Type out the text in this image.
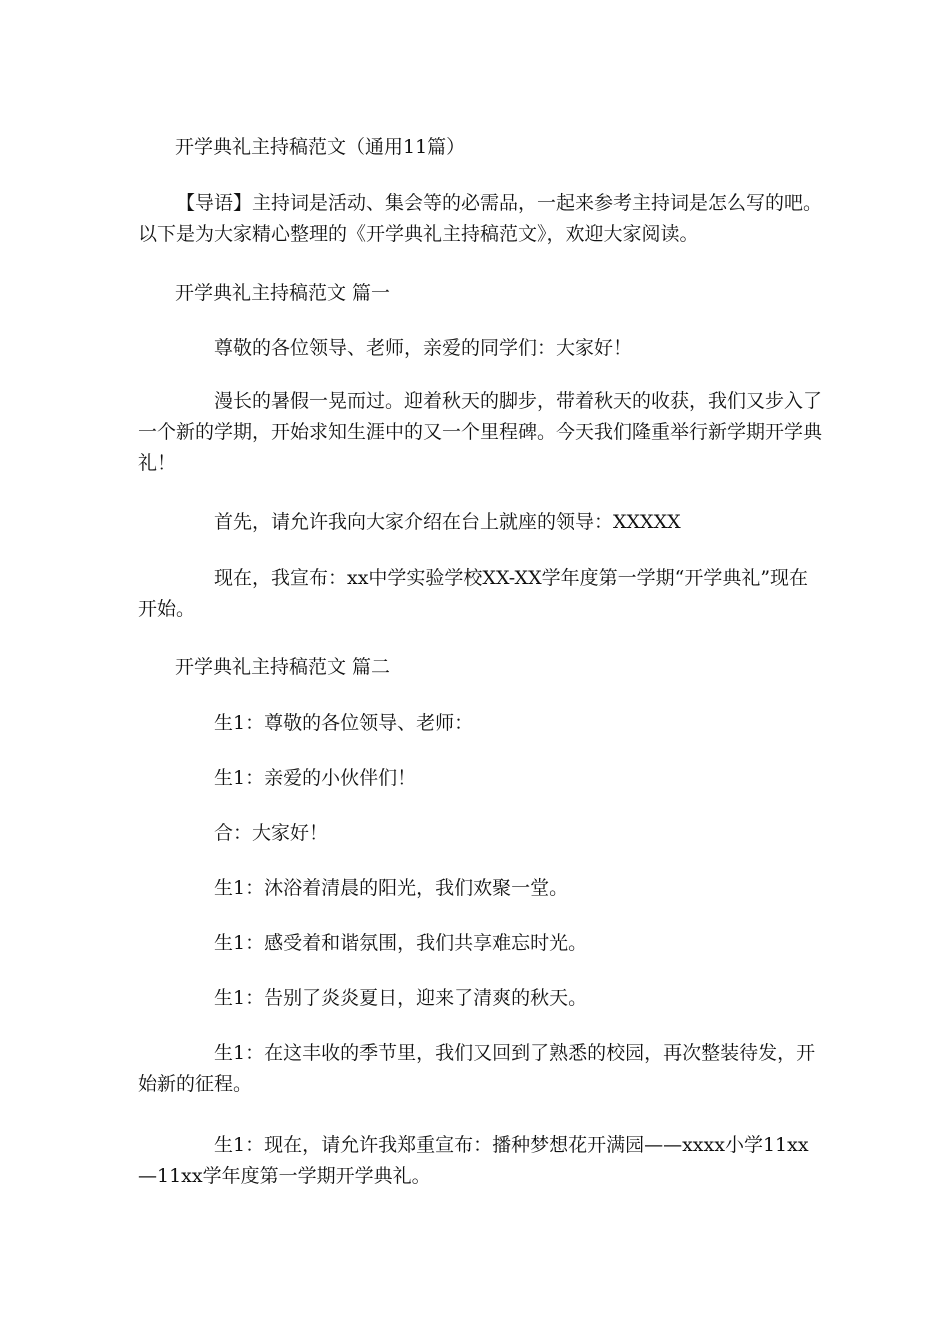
开学典礼主持稿范文（通用11篇）
【导语】主持词是活动、集会等的必需品，一起来参考主持词是怎么写的吧。以下是为大家精心整理的《开学典礼主持稿范文》，欢迎大家阅读。
开学典礼主持稿范文 篇一
尊敬的各位领导、老师，亲爱的同学们：大家好！
漫长的暑假一晃而过。迎着秋天的脚步，带着秋天的收获，我们又步入了一个新的学期，开始求知生涯中的又一个里程碑。今天我们隆重举行新学期开学典礼！
首先，请允许我向大家介绍在台上就座的领导：XXXXX
现在，我宣布：xx中学实验学校XX-XX学年度第一学期“开学典礼”现在开始。
开学典礼主持稿范文 篇二
生1：尊敬的各位领导、老师：
生1：亲爱的小伙伴们！
合：大家好！
生1：沐浴着清晨的阳光，我们欢聚一堂。
生1：感受着和谐氛围，我们共享难忘时光。
生1：告别了炎炎夏日，迎来了清爽的秋天。
生1：在这丰收的季节里，我们又回到了熟悉的校园，再次整装待发，开始新的征程。
生1：现在，请允许我郑重宣布：播种梦想花开满园——xxxx小学11xx—11xx学年度第一学期开学典礼。
